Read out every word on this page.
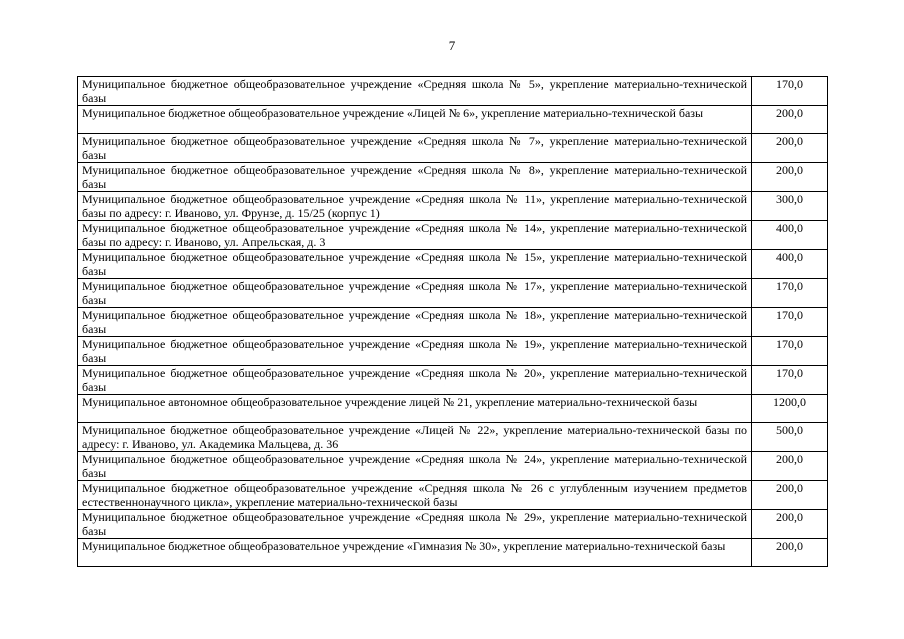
7
Муниципальное бюджетное общеобразовательное учреждение «Средняя школа № 5», укрепление материально-технической базы	170,0
Муниципальное бюджетное общеобразовательное учреждение «Лицей № 6», укрепление материально-технической базы	200,0
Муниципальное бюджетное общеобразовательное учреждение «Средняя школа № 7», укрепление материально-технической базы	200,0
Муниципальное бюджетное общеобразовательное учреждение «Средняя школа № 8», укрепление материально-технической базы	200,0
Муниципальное бюджетное общеобразовательное учреждение «Средняя школа № 11», укрепление материально-технической базы по адресу: г. Иваново, ул. Фрунзе, д. 15/25 (корпус 1)	300,0
Муниципальное бюджетное общеобразовательное учреждение «Средняя школа № 14», укрепление материально-технической базы по адресу: г. Иваново, ул. Апрельская, д. 3	400,0
Муниципальное бюджетное общеобразовательное учреждение «Средняя школа № 15», укрепление материально-технической базы	400,0
Муниципальное бюджетное общеобразовательное учреждение «Средняя школа № 17», укрепление материально-технической базы	170,0
Муниципальное бюджетное общеобразовательное учреждение «Средняя школа № 18», укрепление материально-технической базы	170,0
Муниципальное бюджетное общеобразовательное учреждение «Средняя школа № 19», укрепление материально-технической базы	170,0
Муниципальное бюджетное общеобразовательное учреждение «Средняя школа № 20», укрепление материально-технической базы	170,0
Муниципальное автономное общеобразовательное учреждение лицей № 21, укрепление материально-технической базы	1200,0
Муниципальное бюджетное общеобразовательное учреждение «Лицей № 22», укрепление материально-технической базы по адресу: г. Иваново, ул. Академика Мальцева, д. 36	500,0
Муниципальное бюджетное общеобразовательное учреждение «Средняя школа № 24», укрепление материально-технической базы	200,0
Муниципальное бюджетное общеобразовательное учреждение «Средняя школа № 26 с углубленным изучением предметов естественнонаучного цикла», укрепление материально-технической базы	200,0
Муниципальное бюджетное общеобразовательное учреждение «Средняя школа № 29», укрепление материально-технической базы	200,0
Муниципальное бюджетное общеобразовательное учреждение «Гимназия № 30», укрепление материально-технической базы	200,0
